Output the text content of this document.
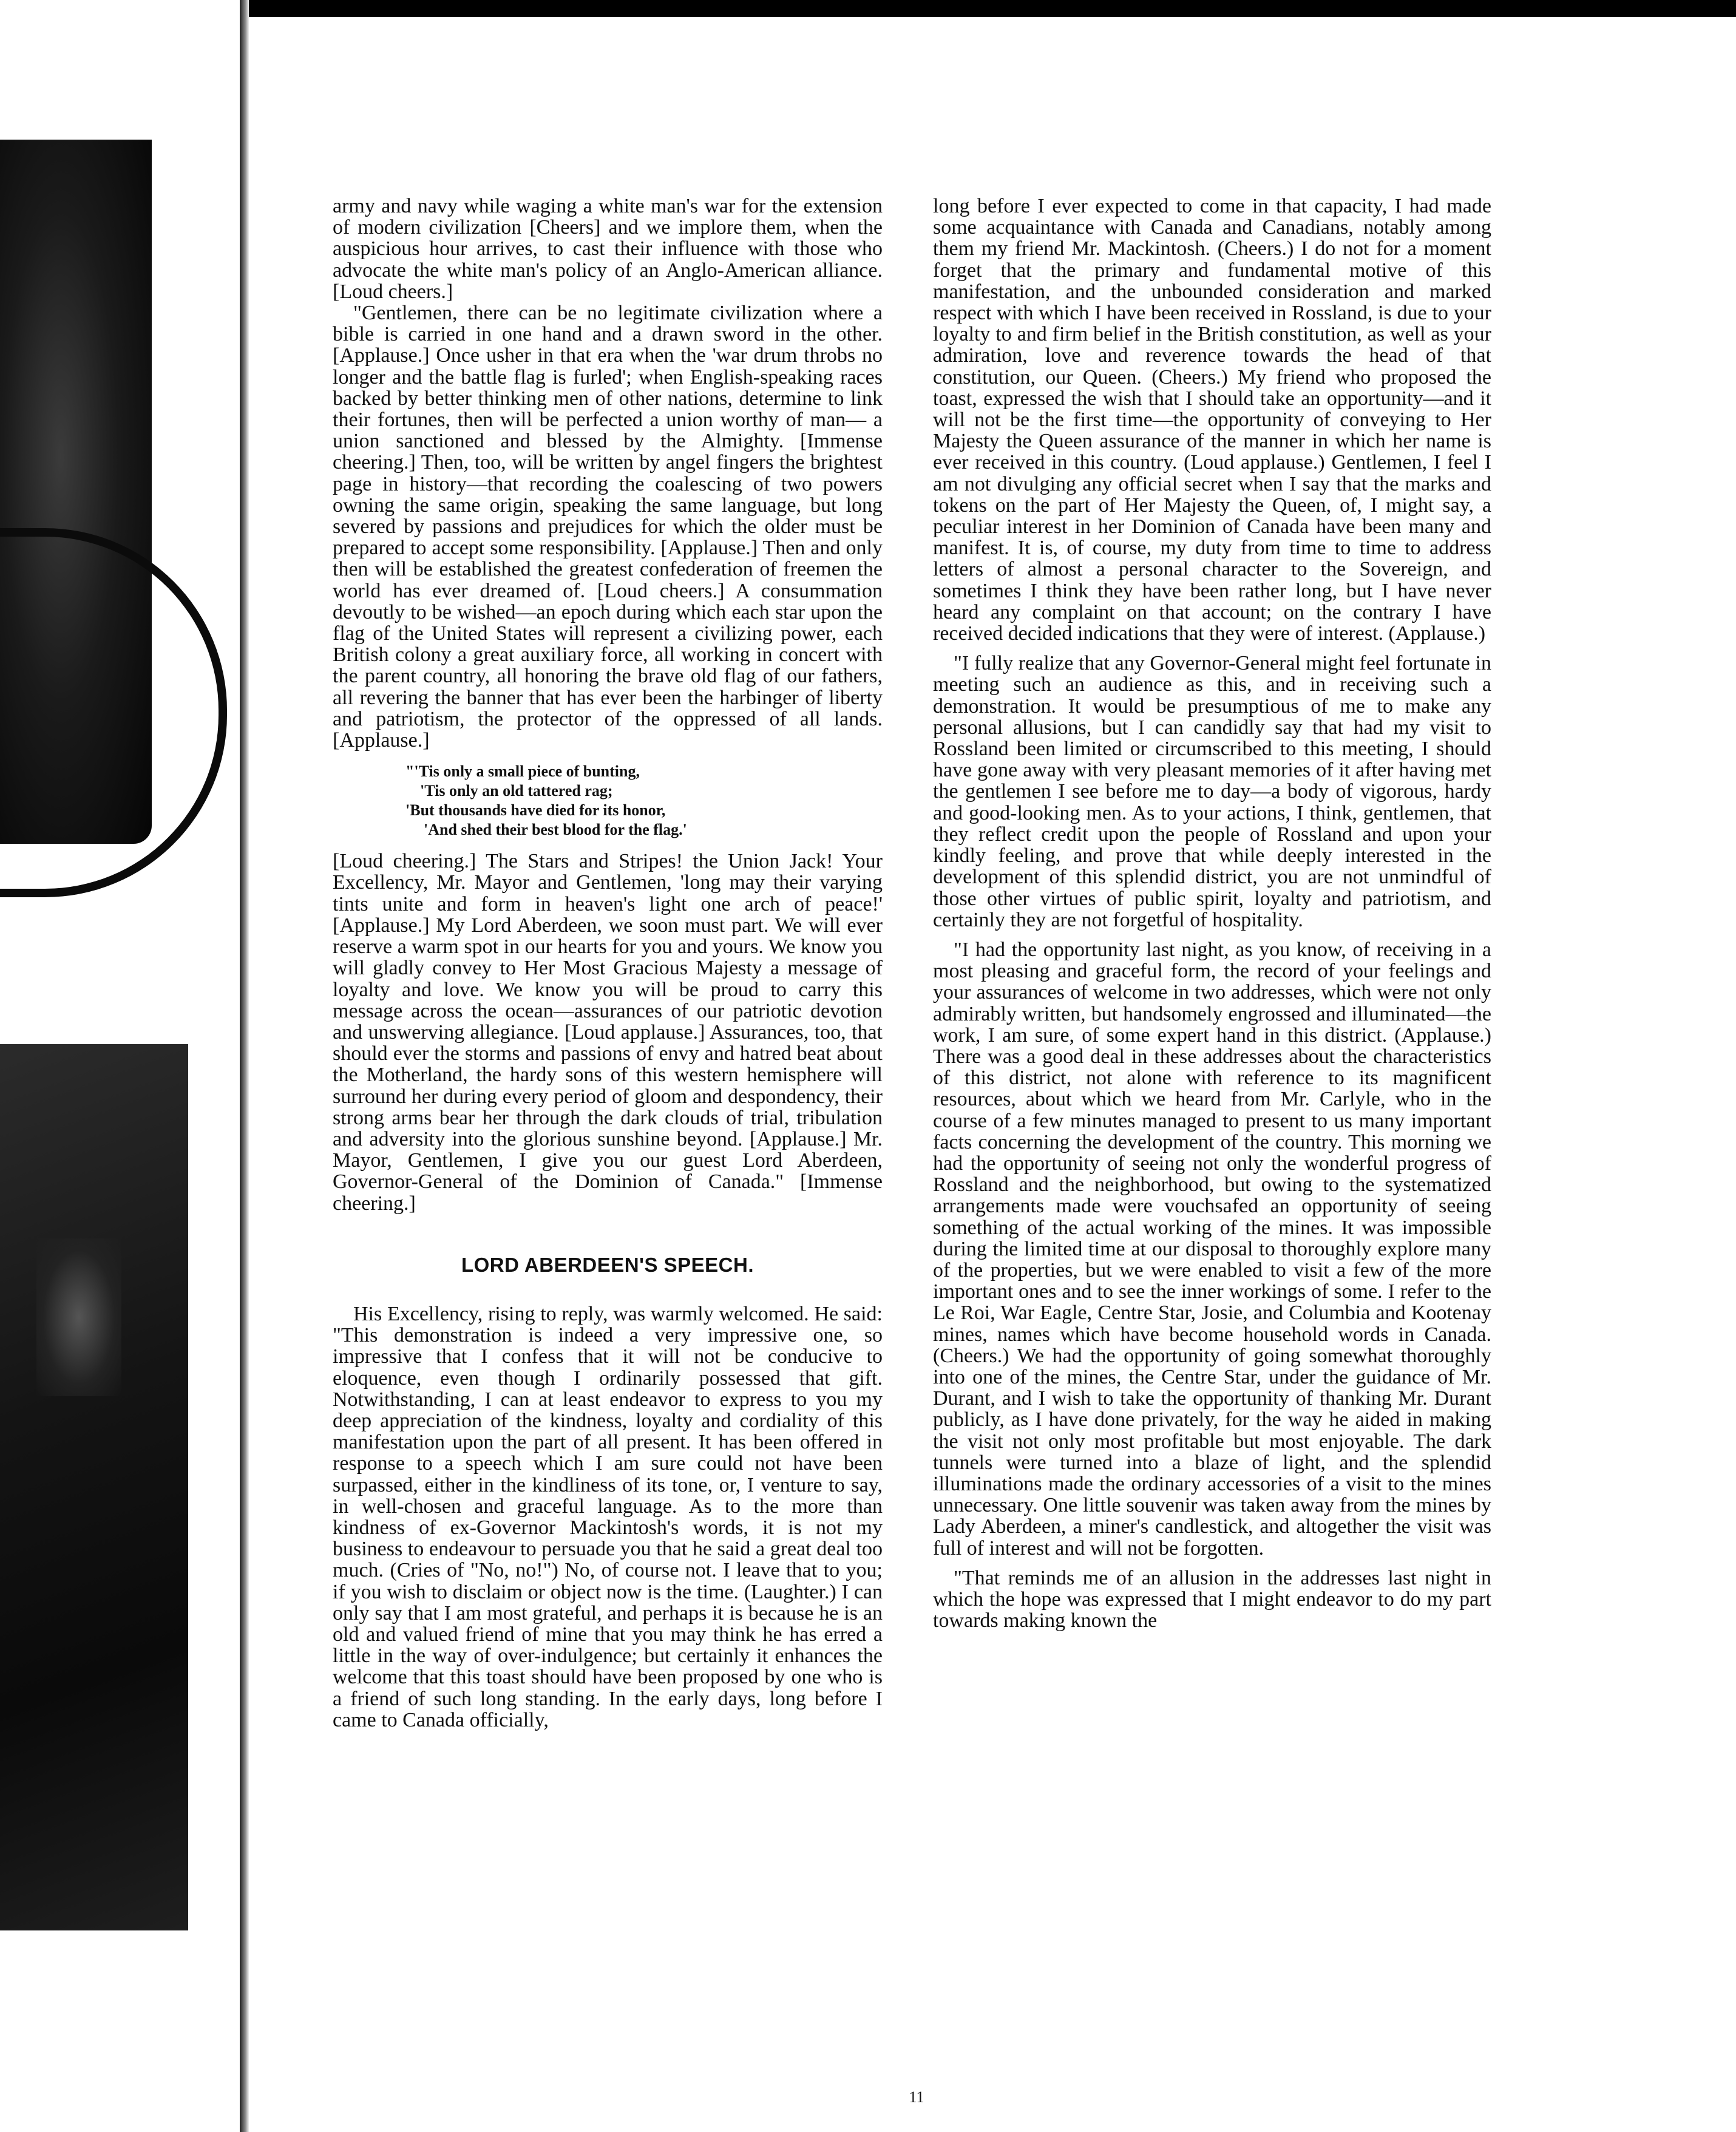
army and navy while waging a white man's war for the extension of modern civilization [Cheers] and we implore them, when the auspicious hour arrives, to cast their influence with those who advocate the white man's policy of an Anglo-American alliance. [Loud cheers.]

"Gentlemen, there can be no legitimate civilization where a bible is carried in one hand and a drawn sword in the other. [Applause.] Once usher in that era when the 'war drum throbs no longer and the battle flag is furled'; when English-speaking races backed by better thinking men of other nations, determine to link their fortunes, then will be perfected a union worthy of man— a union sanctioned and blessed by the Almighty. [Immense cheering.] Then, too, will be written by angel fingers the brightest page in history—that recording the coalescing of two powers owning the same origin, speaking the same language, but long severed by passions and prejudices for which the older must be prepared to accept some responsibility. [Applause.] Then and only then will be established the greatest confederation of freemen the world has ever dreamed of. [Loud cheers.] A consummation devoutly to be wished—an epoch during which each star upon the flag of the United States will represent a civilizing power, each British colony a great auxiliary force, all working in concert with the parent country, all honoring the brave old flag of our fathers, all revering the banner that has ever been the harbinger of liberty and patriotism, the protector of the oppressed of all lands. [Applause.]

"'Tis only a small piece of bunting,
'Tis only an old tattered rag;
'But thousands have died for its honor,
'And shed their best blood for the flag.'

[Loud cheering.] The Stars and Stripes! the Union Jack! Your Excellency, Mr. Mayor and Gentlemen, 'long may their varying tints unite and form in heaven's light one arch of peace!' [Applause.] My Lord Aberdeen, we soon must part. We will ever reserve a warm spot in our hearts for you and yours. We know you will gladly convey to Her Most Gracious Majesty a message of loyalty and love. We know you will be proud to carry this message across the ocean—assurances of our patriotic devotion and unswerving allegiance. [Loud applause.] Assurances, too, that should ever the storms and passions of envy and hatred beat about the Motherland, the hardy sons of this western hemisphere will surround her during every period of gloom and despondency, their strong arms bear her through the dark clouds of trial, tribulation and adversity into the glorious sunshine beyond. [Applause.] Mr. Mayor, Gentlemen, I give you our guest Lord Aberdeen, Governor-General of the Dominion of Canada." [Immense cheering.]

LORD ABERDEEN'S SPEECH.

His Excellency, rising to reply, was warmly welcomed. He said: "This demonstration is indeed a very impressive one, so impressive that I confess that it will not be conducive to eloquence, even though I ordinarily possessed that gift. Notwithstanding, I can at least endeavor to express to you my deep appreciation of the kindness, loyalty and cordiality of this manifestation upon the part of all present. It has been offered in response to a speech which I am sure could not have been surpassed, either in the kindliness of its tone, or, I venture to say, in well-chosen and graceful language. As to the more than kindness of ex-Governor Mackintosh's words, it is not my business to endeavour to persuade you that he said a great deal too much. (Cries of "No, no!") No, of course not. I leave that to you; if you wish to disclaim or object now is the time. (Laughter.) I can only say that I am most grateful, and perhaps it is because he is an old and valued friend of mine that you may think he has erred a little in the way of over-indulgence; but certainly it enhances the welcome that this toast should have been proposed by one who is a friend of such long standing. In the early days, long before I came to Canada officially,

long before I ever expected to come in that capacity, I had made some acquaintance with Canada and Canadians, notably among them my friend Mr. Mackintosh. (Cheers.) I do not for a moment forget that the primary and fundamental motive of this manifestation, and the unbounded consideration and marked respect with which I have been received in Rossland, is due to your loyalty to and firm belief in the British constitution, as well as your admiration, love and reverence towards the head of that constitution, our Queen. (Cheers.) My friend who proposed the toast, expressed the wish that I should take an opportunity—and it will not be the first time—the opportunity of conveying to Her Majesty the Queen assurance of the manner in which her name is ever received in this country. (Loud applause.) Gentlemen, I feel I am not divulging any official secret when I say that the marks and tokens on the part of Her Majesty the Queen, of, I might say, a peculiar interest in her Dominion of Canada have been many and manifest. It is, of course, my duty from time to time to address letters of almost a personal character to the Sovereign, and sometimes I think they have been rather long, but I have never heard any complaint on that account; on the contrary I have received decided indications that they were of interest. (Applause.)

"I fully realize that any Governor-General might feel fortunate in meeting such an audience as this, and in receiving such a demonstration. It would be presumptious of me to make any personal allusions, but I can candidly say that had my visit to Rossland been limited or circumscribed to this meeting, I should have gone away with very pleasant memories of it after having met the gentlemen I see before me to day—a body of vigorous, hardy and good-looking men. As to your actions, I think, gentlemen, that they reflect credit upon the people of Rossland and upon your kindly feeling, and prove that while deeply interested in the development of this splendid district, you are not unmindful of those other virtues of public spirit, loyalty and patriotism, and certainly they are not forgetful of hospitality.

"I had the opportunity last night, as you know, of receiving in a most pleasing and graceful form, the record of your feelings and your assurances of welcome in two addresses, which were not only admirably written, but handsomely engrossed and illuminated—the work, I am sure, of some expert hand in this district. (Applause.) There was a good deal in these addresses about the characteristics of this district, not alone with reference to its magnificent resources, about which we heard from Mr. Carlyle, who in the course of a few minutes managed to present to us many important facts concerning the development of the country. This morning we had the opportunity of seeing not only the wonderful progress of Rossland and the neighborhood, but owing to the systematized arrangements made were vouchsafed an opportunity of seeing something of the actual working of the mines. It was impossible during the limited time at our disposal to thoroughly explore many of the properties, but we were enabled to visit a few of the more important ones and to see the inner workings of some. I refer to the Le Roi, War Eagle, Centre Star, Josie, and Columbia and Kootenay mines, names which have become household words in Canada. (Cheers.) We had the opportunity of going somewhat thoroughly into one of the mines, the Centre Star, under the guidance of Mr. Durant, and I wish to take the opportunity of thanking Mr. Durant publicly, as I have done privately, for the way he aided in making the visit not only most profitable but most enjoyable. The dark tunnels were turned into a blaze of light, and the splendid illuminations made the ordinary accessories of a visit to the mines unnecessary. One little souvenir was taken away from the mines by Lady Aberdeen, a miner's candlestick, and altogether the visit was full of interest and will not be forgotten.

"That reminds me of an allusion in the addresses last night in which the hope was expressed that I might endeavor to do my part towards making known the

11
